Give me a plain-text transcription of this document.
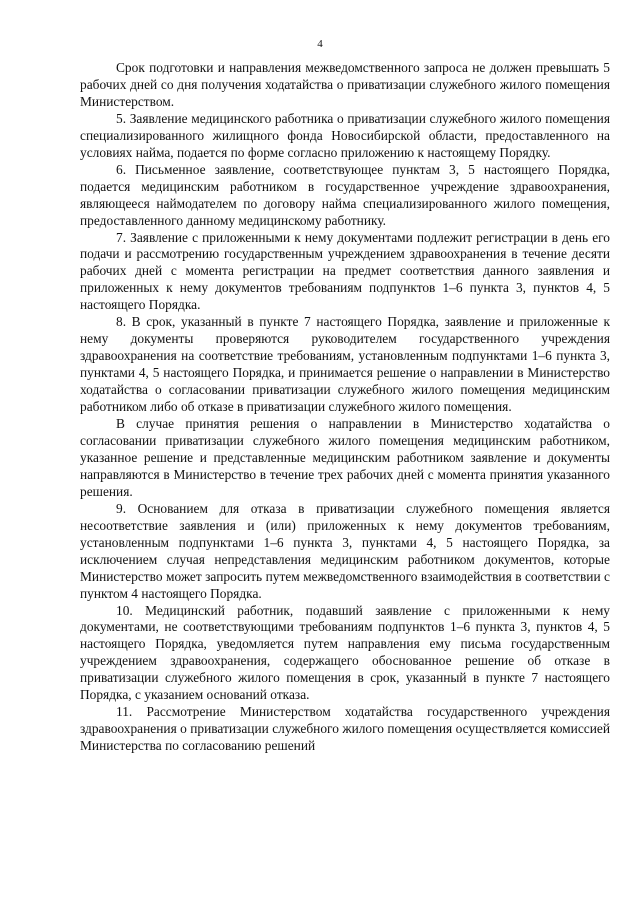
4

Срок подготовки и направления межведомственного запроса не должен превышать 5 рабочих дней со дня получения ходатайства о приватизации служебного жилого помещения Министерством.

5. Заявление медицинского работника о приватизации служебного жилого помещения специализированного жилищного фонда Новосибирской области, предоставленного на условиях найма, подается по форме согласно приложению к настоящему Порядку.

6. Письменное заявление, соответствующее пунктам 3, 5 настоящего Порядка, подается медицинским работником в государственное учреждение здравоохранения, являющееся наймодателем по договору найма специализированного жилого помещения, предоставленного данному медицинскому работнику.

7. Заявление с приложенными к нему документами подлежит регистрации в день его подачи и рассмотрению государственным учреждением здравоохранения в течение десяти рабочих дней с момента регистрации на предмет соответствия данного заявления и приложенных к нему документов требованиям подпунктов 1–6 пункта 3, пунктов 4, 5 настоящего Порядка.

8. В срок, указанный в пункте 7 настоящего Порядка, заявление и приложенные к нему документы проверяются руководителем государственного учреждения здравоохранения на соответствие требованиям, установленным подпунктами 1–6 пункта 3, пунктами 4, 5 настоящего Порядка, и принимается решение о направлении в Министерство ходатайства о согласовании приватизации служебного жилого помещения медицинским работником либо об отказе в приватизации служебного жилого помещения.

В случае принятия решения о направлении в Министерство ходатайства о согласовании приватизации служебного жилого помещения медицинским работником, указанное решение и представленные медицинским работником заявление и документы направляются в Министерство в течение трех рабочих дней с момента принятия указанного решения.

9. Основанием для отказа в приватизации служебного помещения является несоответствие заявления и (или) приложенных к нему документов требованиям, установленным подпунктами 1–6 пункта 3, пунктами 4, 5 настоящего Порядка, за исключением случая непредставления медицинским работником документов, которые Министерство может запросить путем межведомственного взаимодействия в соответствии с пунктом 4 настоящего Порядка.

10. Медицинский работник, подавший заявление с приложенными к нему документами, не соответствующими требованиям подпунктов 1–6 пункта 3, пунктов 4, 5 настоящего Порядка, уведомляется путем направления ему письма государственным учреждением здравоохранения, содержащего обоснованное решение об отказе в приватизации служебного жилого помещения в срок, указанный в пункте 7 настоящего Порядка, с указанием оснований отказа.

11. Рассмотрение Министерством ходатайства государственного учреждения здравоохранения о приватизации служебного жилого помещения осуществляется комиссией Министерства по согласованию решений
